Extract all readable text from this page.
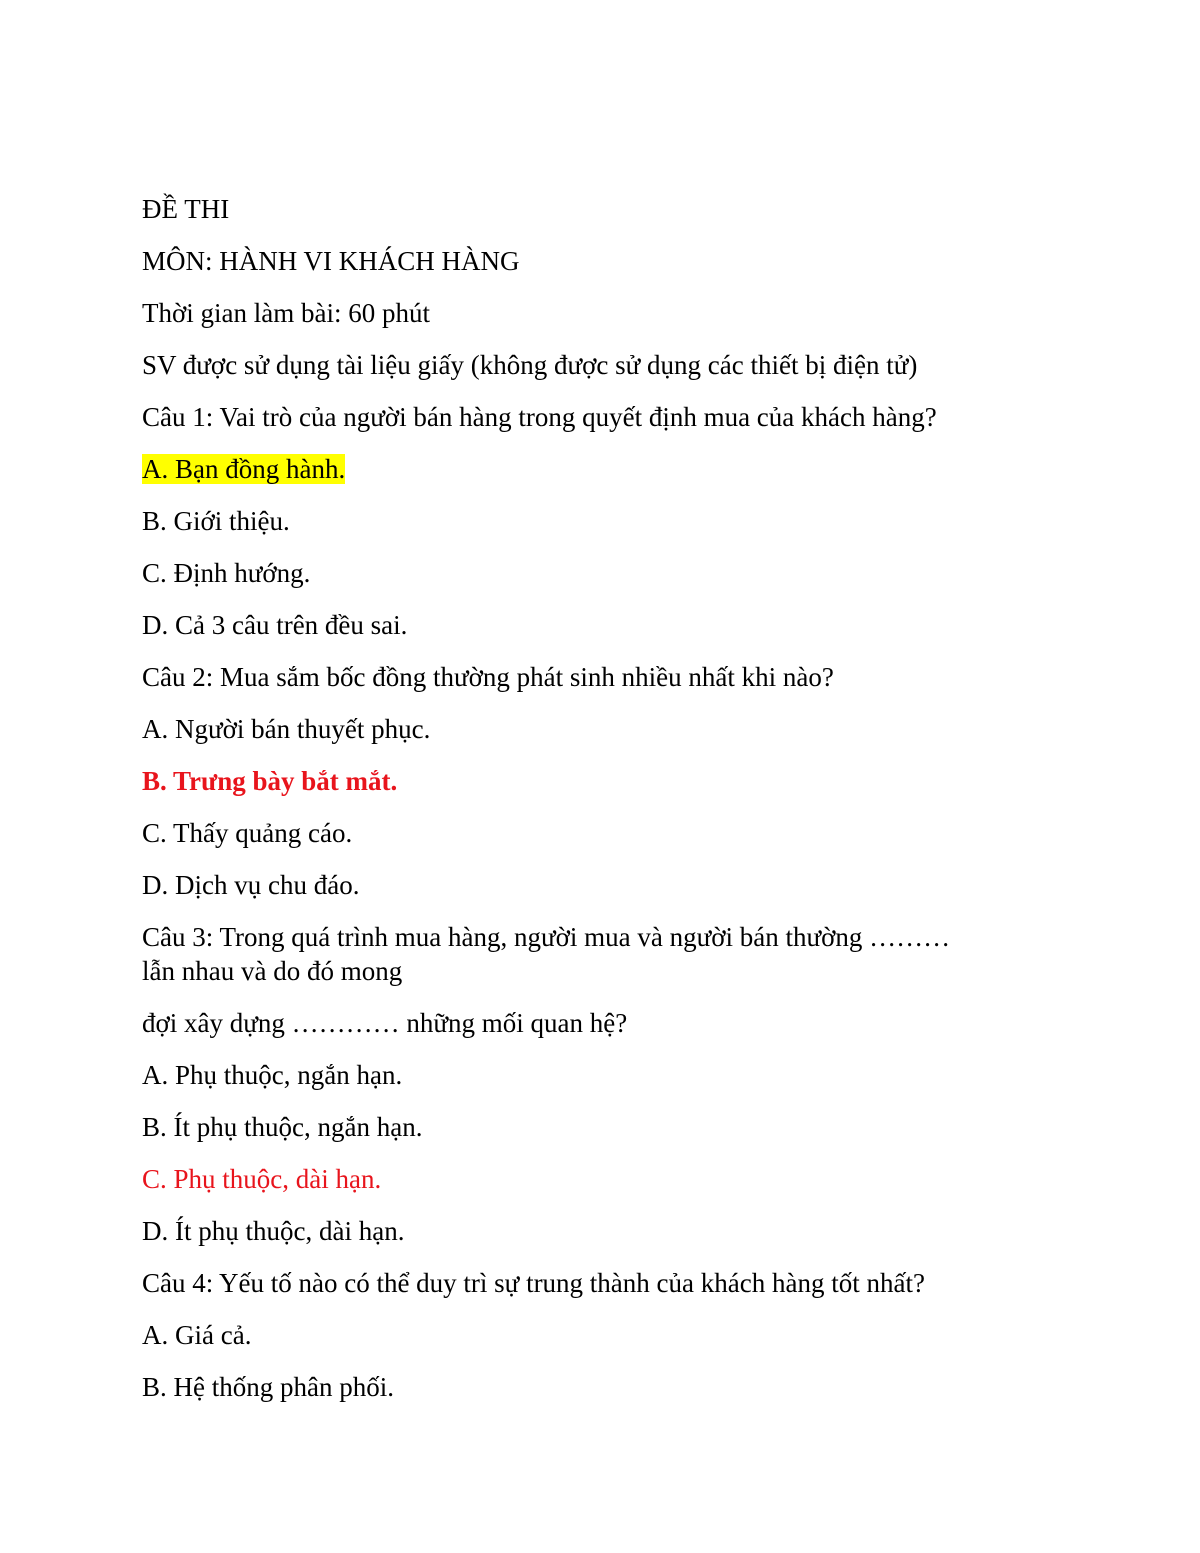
ĐỀ THI
MÔN: HÀNH VI KHÁCH HÀNG
Thời gian làm bài: 60 phút
SV được sử dụng tài liệu giấy (không được sử dụng các thiết bị điện tử)
Câu 1: Vai trò của người bán hàng trong quyết định mua của khách hàng?
A. Bạn đồng hành.
B. Giới thiệu.
C. Định hướng.
D. Cả 3 câu trên đều sai.
Câu 2: Mua sắm bốc đồng thường phát sinh nhiều nhất khi nào?
A. Người bán thuyết phục.
B. Trưng bày bắt mắt.
C. Thấy quảng cáo.
D. Dịch vụ chu đáo.
Câu 3: Trong quá trình mua hàng, người mua và người bán thường ………
lẫn nhau và do đó mong
đợi xây dựng ………… những mối quan hệ?
A. Phụ thuộc, ngắn hạn.
B. Ít phụ thuộc, ngắn hạn.
C. Phụ thuộc, dài hạn.
D. Ít phụ thuộc, dài hạn.
Câu 4: Yếu tố nào có thể duy trì sự trung thành của khách hàng tốt nhất?
A. Giá cả.
B. Hệ thống phân phối.
